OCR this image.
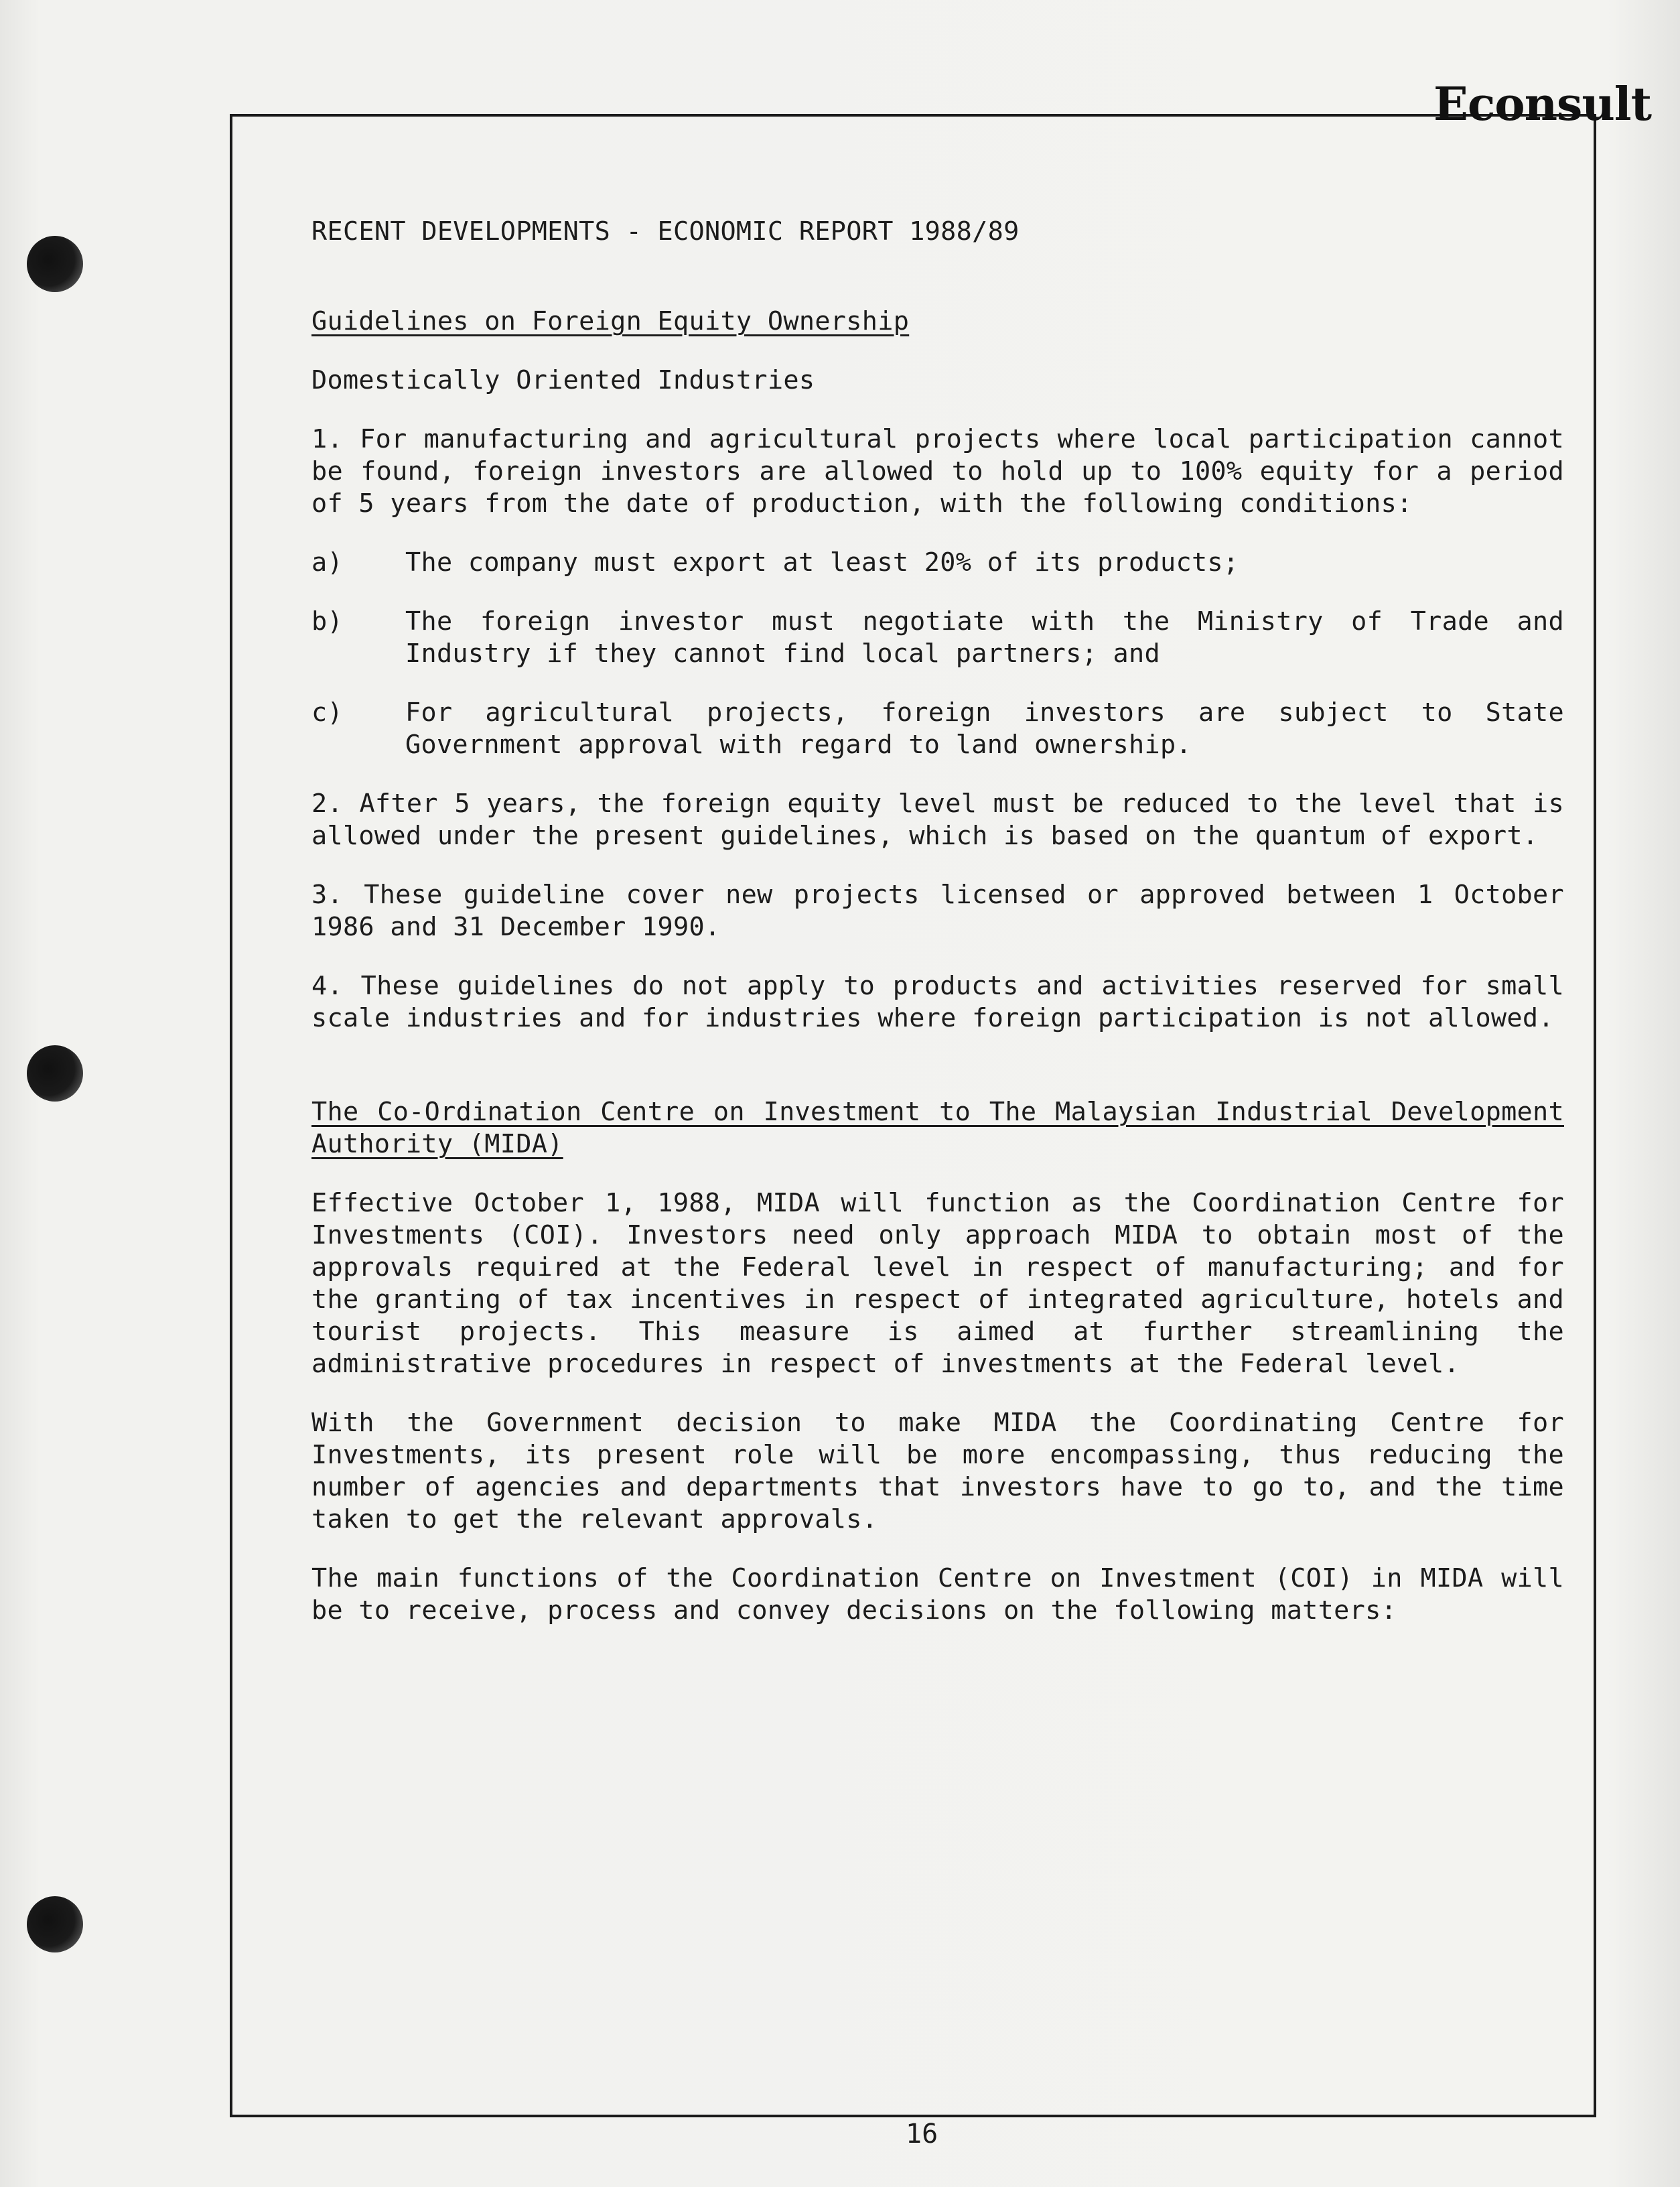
Econsult
RECENT DEVELOPMENTS - ECONOMIC REPORT 1988/89
Guidelines on Foreign Equity Ownership
Domestically Oriented Industries
1. For manufacturing and agricultural projects where local participation cannot be found, foreign investors are allowed to hold up to 100% equity for a period of 5 years from the date of production, with the following conditions:
a)	The company must export at least 20% of its products;
b)	The foreign investor must negotiate with the Ministry of Trade and Industry if they cannot find local partners; and
c)	For agricultural projects, foreign investors are subject to State Government approval with regard to land ownership.
2. After 5 years, the foreign equity level must be reduced to the level that is allowed under the present guidelines, which is based on the quantum of export.
3. These guideline cover new projects licensed or approved between 1 October 1986 and 31 December 1990.
4. These guidelines do not apply to products and activities reserved for small scale industries and for industries where foreign participation is not allowed.
The Co-Ordination Centre on Investment to The Malaysian Industrial Development Authority (MIDA)
Effective October 1, 1988, MIDA will function as the Coordination Centre for Investments (COI). Investors need only approach MIDA to obtain most of the approvals required at the Federal level in respect of manufacturing; and for the granting of tax incentives in respect of integrated agriculture, hotels and tourist projects. This measure is aimed at further streamlining the administrative procedures in respect of investments at the Federal level.
With the Government decision to make MIDA the Coordinating Centre for Investments, its present role will be more encompassing, thus reducing the number of agencies and departments that investors have to go to, and the time taken to get the relevant approvals.
The main functions of the Coordination Centre on Investment (COI) in MIDA will be to receive, process and convey decisions on the following matters:
16
